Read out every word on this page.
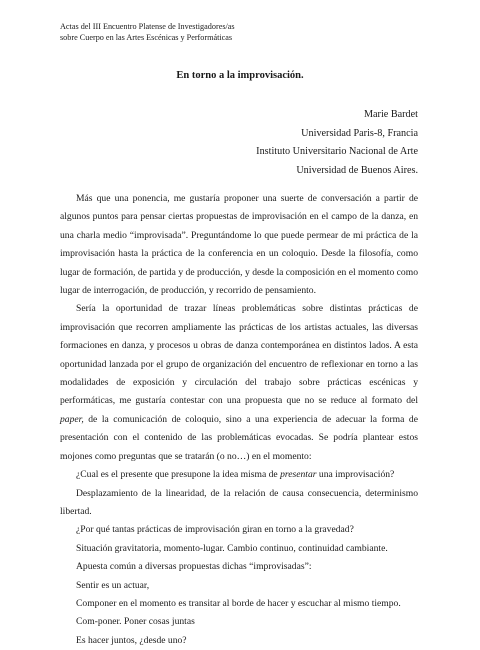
Actas del III Encuentro Platense de Investigadores/as
sobre Cuerpo en las Artes Escénicas y Performáticas
En torno a la improvisación.
Marie Bardet
Universidad Paris-8, Francia
Instituto Universitario Nacional de Arte
Universidad de Buenos Aires.

Más que una ponencia, me gustaría proponer una suerte de conversación a partir de algunos puntos para pensar ciertas propuestas de improvisación en el campo de la danza, en una charla medio “improvisada”. Preguntándome lo que puede permear de mi práctica de la improvisación hasta la práctica de la conferencia en un coloquio. Desde la filosofía, como lugar de formación, de partida y de producción, y desde la composición en el momento como lugar de interrogación, de producción, y recorrido de pensamiento.

Sería la oportunidad de trazar líneas problemáticas sobre distintas prácticas de improvisación que recorren ampliamente las prácticas de los artistas actuales, las diversas formaciones en danza, y procesos u obras de danza contemporánea en distintos lados. A esta oportunidad lanzada por el grupo de organización del encuentro de reflexionar en torno a las modalidades de exposición y circulación del trabajo sobre prácticas escénicas y performáticas, me gustaría contestar con una propuesta que no se reduce al formato del paper, de la comunicación de coloquio, sino a una experiencia de adecuar la forma de presentación con el contenido de las problemáticas evocadas. Se podría plantear estos mojones como preguntas que se tratarán (o no…) en el momento:

¿Cual es el presente que presupone la idea misma de presentar una improvisación?

Desplazamiento de la linearidad, de la relación de causa consecuencia, determinismo libertad.

¿Por qué tantas prácticas de improvisación giran en torno a la gravedad?
Situación gravitatoria, momento-lugar. Cambio continuo, continuidad cambiante.
Apuesta común a diversas propuestas dichas “improvisadas”:
Sentir es un actuar,
Componer en el momento es transitar al borde de hacer y escuchar al mismo tiempo.
Com-poner. Poner cosas juntas
Es hacer juntos, ¿desde uno?
